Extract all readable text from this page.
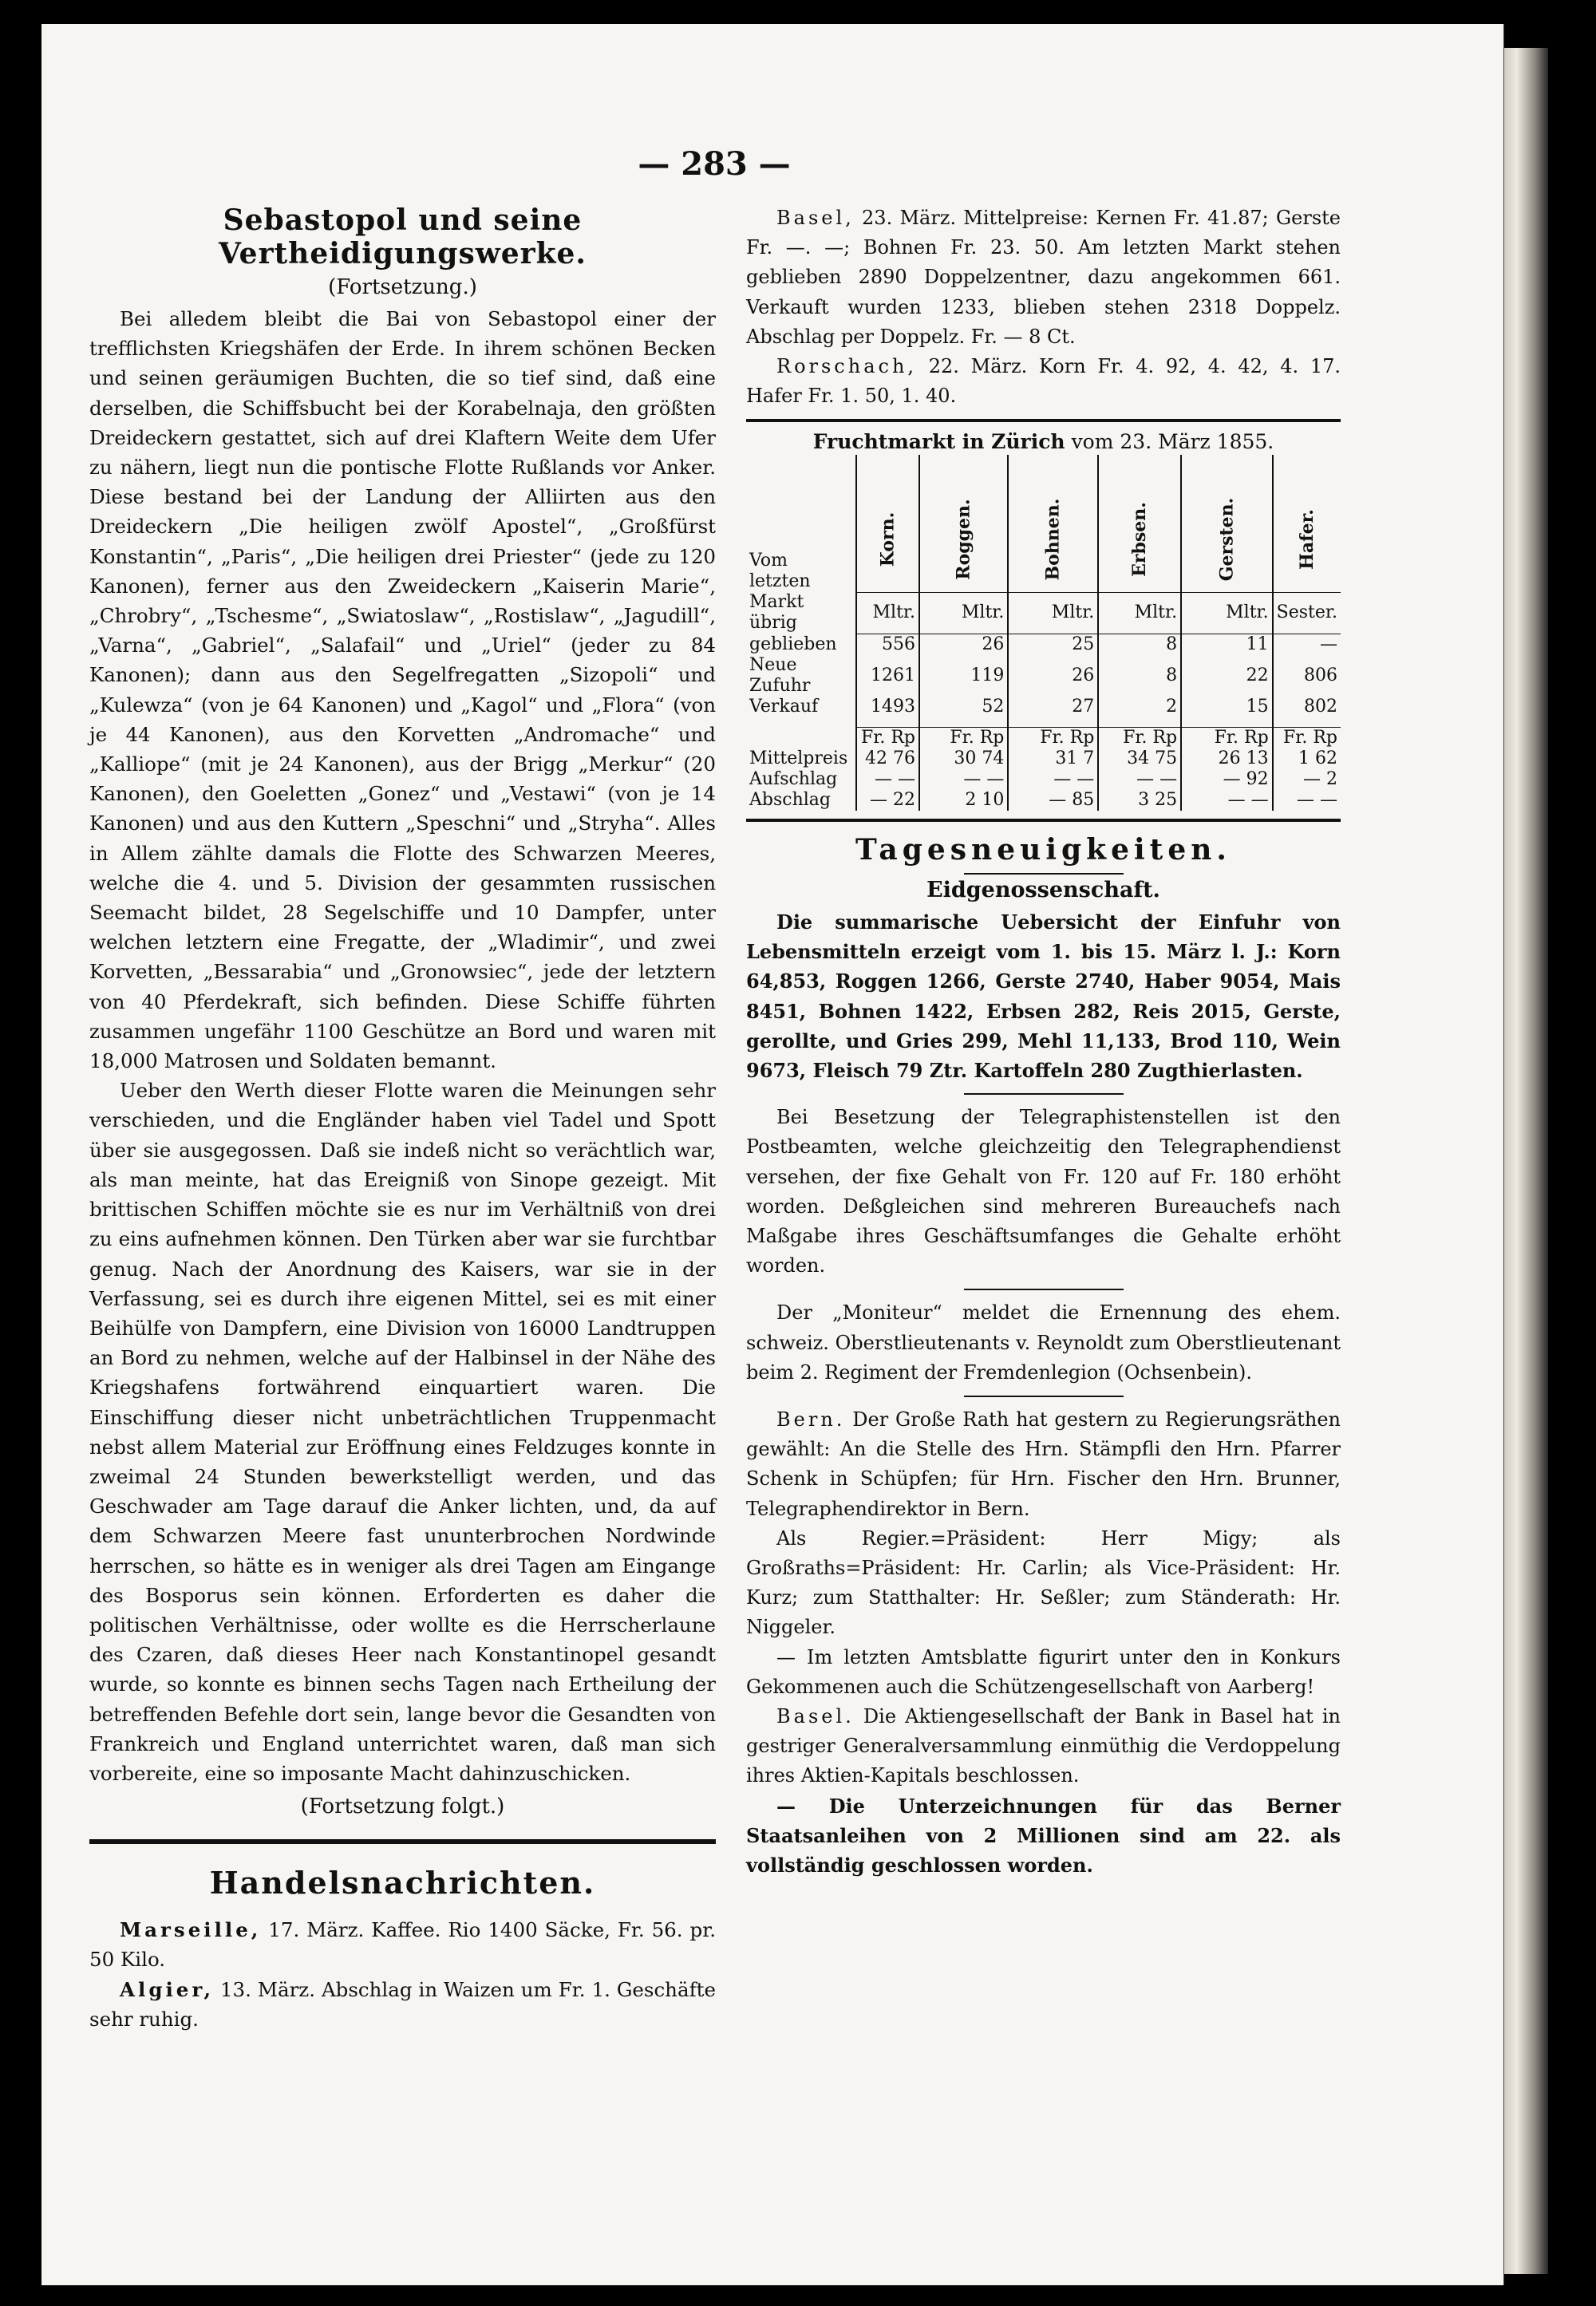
— 283 —
Sebastopol und seine Vertheidigungswerke.
(Fortsetzung.)

Bei alledem bleibt die Bai von Sebastopol einer der trefflichsten Kriegshäfen der Erde. In ihrem schönen Becken und seinen geräumigen Buchten, die so tief sind, daß eine derselben, die Schiffsbucht bei der Korabelnaja, den größten Dreideckern gestattet, sich auf drei Klaftern Weite dem Ufer zu nähern, liegt nun die pontische Flotte Rußlands vor Anker. Diese bestand bei der Landung der Alliirten aus den Dreideckern „Die heiligen zwölf Apostel“, „Großfürst Konstantin“, „Paris“, „Die heiligen drei Priester“ (jede zu 120 Kanonen), ferner aus den Zweideckern „Kaiserin Marie“, „Chrobry“, „Tschesme“, „Swiatoslaw“, „Rostislaw“, „Jagudill“, „Varna“, „Gabriel“, „Salafail“ und „Uriel“ (jeder zu 84 Kanonen); dann aus den Segelfregatten „Sizopoli“ und „Kulewza“ (von je 64 Kanonen) und „Kagol“ und „Flora“ (von je 44 Kanonen), aus den Korvetten „Andromache“ und „Kalliope“ (mit je 24 Kanonen), aus der Brigg „Merkur“ (20 Kanonen), den Goeletten „Gonez“ und „Vestawi“ (von je 14 Kanonen) und aus den Kuttern „Speschni“ und „Stryha“. Alles in Allem zählte damals die Flotte des Schwarzen Meeres, welche die 4. und 5. Division der gesammten russischen Seemacht bildet, 28 Segelschiffe und 10 Dampfer, unter welchen letztern eine Fregatte, der „Wladimir“, und zwei Korvetten, „Bessarabia“ und „Gronowsiec“, jede der letztern von 40 Pferdekraft, sich befinden. Diese Schiffe führten zusammen ungefähr 1100 Geschütze an Bord und waren mit 18,000 Matrosen und Soldaten bemannt.

Ueber den Werth dieser Flotte waren die Meinungen sehr verschieden, und die Engländer haben viel Tadel und Spott über sie ausgegossen. Daß sie indeß nicht so verächtlich war, als man meinte, hat das Ereigniß von Sinope gezeigt. Mit brittischen Schiffen möchte sie es nur im Verhältniß von drei zu eins aufnehmen können. Den Türken aber war sie furchtbar genug. Nach der Anordnung des Kaisers, war sie in der Verfassung, sei es durch ihre eigenen Mittel, sei es mit einer Beihülfe von Dampfern, eine Division von 16000 Landtruppen an Bord zu nehmen, welche auf der Halbinsel in der Nähe des Kriegshafens fortwährend einquartiert waren. Die Einschiffung dieser nicht unbeträchtlichen Truppenmacht nebst allem Material zur Eröffnung eines Feldzuges konnte in zweimal 24 Stunden bewerkstelligt werden, und das Geschwader am Tage darauf die Anker lichten, und, da auf dem Schwarzen Meere fast ununterbrochen Nordwinde herrschen, so hätte es in weniger als drei Tagen am Eingange des Bosporus sein können. Erforderten es daher die politischen Verhältnisse, oder wollte es die Herrscherlaune des Czaren, daß dieses Heer nach Konstantinopel gesandt wurde, so konnte es binnen sechs Tagen nach Ertheilung der betreffenden Befehle dort sein, lange bevor die Gesandten von Frankreich und England unterrichtet waren, daß man sich vorbereite, eine so imposante Macht dahinzuschicken.

(Fortsetzung folgt.)
Handelsnachrichten.

Marseille, 17. März. Kaffee. Rio 1400 Säcke, Fr. 56. pr. 50 Kilo.

Algier, 13. März. Abschlag in Waizen um Fr. 1. Geschäfte sehr ruhig.

Basel, 23. März. Mittelpreise: Kernen Fr. 41.87; Gerste Fr. —. —; Bohnen Fr. 23. 50. Am letzten Markt stehen geblieben 2890 Doppelzentner, dazu angekommen 661. Verkauft wurden 1233, blieben stehen 2318 Doppelz. Abschlag per Doppelz. Fr. — 8 Ct.

Rorschach, 22. März. Korn Fr. 4. 92, 4. 42, 4. 17. Hafer Fr. 1. 50, 1. 40.

Fruchtmarkt in Zürich vom 23. März 1855.
	Korn.	Roggen.	Bohnen.	Erbsen.	Gersten.	Hafer.
Vom letzten						
Markt übrig	Mltr.	Mltr.	Mltr.	Mltr.	Mltr.	Sester.
geblieben	556	26	25	8	11	—
Neue Zufuhr	1261	119	26	8	22	806
Verkauf	1493	52	27	2	15	802

	Fr. Rp	Fr. Rp	Fr. Rp	Fr. Rp	Fr. Rp	Fr. Rp
Mittelpreis	42 76	30 74	31 7	34 75	26 13	1 62
Aufschlag	— —	— —	— —	— —	— 92	— 2
Abschlag	— 22	2 10	— 85	3 25	— —	— —
Tagesneuigkeiten.
Eidgenossenschaft.

Die summarische Uebersicht der Einfuhr von Lebensmitteln erzeigt vom 1. bis 15. März l. J.: Korn 64,853, Roggen 1266, Gerste 2740, Haber 9054, Mais 8451, Bohnen 1422, Erbsen 282, Reis 2015, Gerste, gerollte, und Gries 299, Mehl 11,133, Brod 110, Wein 9673, Fleisch 79 Ztr. Kartoffeln 280 Zugthierlasten.

Bei Besetzung der Telegraphistenstellen ist den Postbeamten, welche gleichzeitig den Telegraphendienst versehen, der fixe Gehalt von Fr. 120 auf Fr. 180 erhöht worden. Deßgleichen sind mehreren Bureauchefs nach Maßgabe ihres Geschäftsumfanges die Gehalte erhöht worden.

Der „Moniteur“ meldet die Ernennung des ehem. schweiz. Oberstlieutenants v. Reynoldt zum Oberstlieutenant beim 2. Regiment der Fremdenlegion (Ochsenbein).

Bern. Der Große Rath hat gestern zu Regierungsräthen gewählt: An die Stelle des Hrn. Stämpfli den Hrn. Pfarrer Schenk in Schüpfen; für Hrn. Fischer den Hrn. Brunner, Telegraphendirektor in Bern.

Als Regier.=Präsident: Herr Migy; als Großraths=Präsident: Hr. Carlin; als Vice-Präsident: Hr. Kurz; zum Statthalter: Hr. Seßler; zum Ständerath: Hr. Niggeler.

— Im letzten Amtsblatte figurirt unter den in Konkurs Gekommenen auch die Schützengesellschaft von Aarberg!

Basel. Die Aktiengesellschaft der Bank in Basel hat in gestriger Generalversammlung einmüthig die Verdoppelung ihres Aktien-Kapitals beschlossen.

— Die Unterzeichnungen für das Berner Staatsanleihen von 2 Millionen sind am 22. als vollständig geschlossen worden.
